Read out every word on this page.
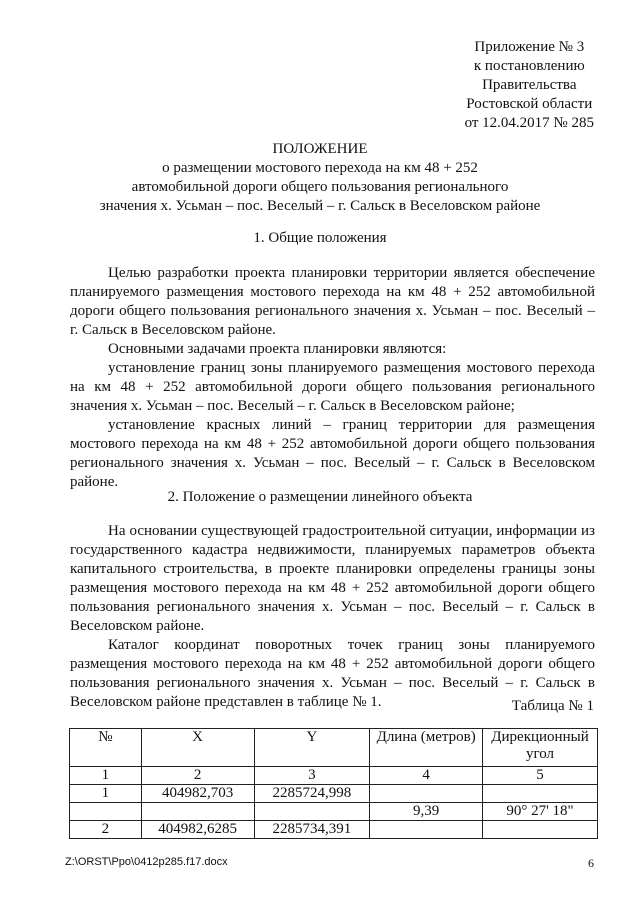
Приложение № 3
к постановлению
Правительства
Ростовской области
от 12.04.2017 № 285
ПОЛОЖЕНИЕ
о размещении мостового перехода на км 48 + 252
автомобильной дороги общего пользования регионального
значения х. Усьман – пос. Веселый – г. Сальск в Веселовском районе
1. Общие положения

Целью разработки проекта планировки территории является обеспечение планируемого размещения мостового перехода на км 48 + 252 автомобильной дороги общего пользования регионального значения х. Усьман – пос. Веселый – г. Сальск в Веселовском районе.

Основными задачами проекта планировки являются:

установление границ зоны планируемого размещения мостового перехода на км 48 + 252 автомобильной дороги общего пользования регионального значения х. Усьман – пос. Веселый – г. Сальск в Веселовском районе;

установление красных линий – границ территории для размещения мостового перехода на км 48 + 252 автомобильной дороги общего пользования регионального значения х. Усьман – пос. Веселый – г. Сальск в Веселовском районе.

2. Положение о размещении линейного объекта

На основании существующей градостроительной ситуации, информации из государственного кадастра недвижимости, планируемых параметров объекта капитального строительства, в проекте планировки определены границы зоны размещения мостового перехода на км 48 + 252 автомобильной дороги общего пользования регионального значения х. Усьман – пос. Веселый – г. Сальск в Веселовском районе.

Каталог координат поворотных точек границ зоны планируемого размещения мостового перехода на км 48 + 252 автомобильной дороги общего пользования регионального значения х. Усьман – пос. Веселый – г. Сальск в Веселовском районе представлен в таблице № 1.	Таблица № 1
№	X	Y	Длина (метров)	Дирекционный угол
1	2	3	4	5
1	404982,703	2285724,998		
			9,39	90° 27' 18"
2	404982,6285	2285734,391		
Z:\ORST\Ppo\0412p285.f17.docx	6
